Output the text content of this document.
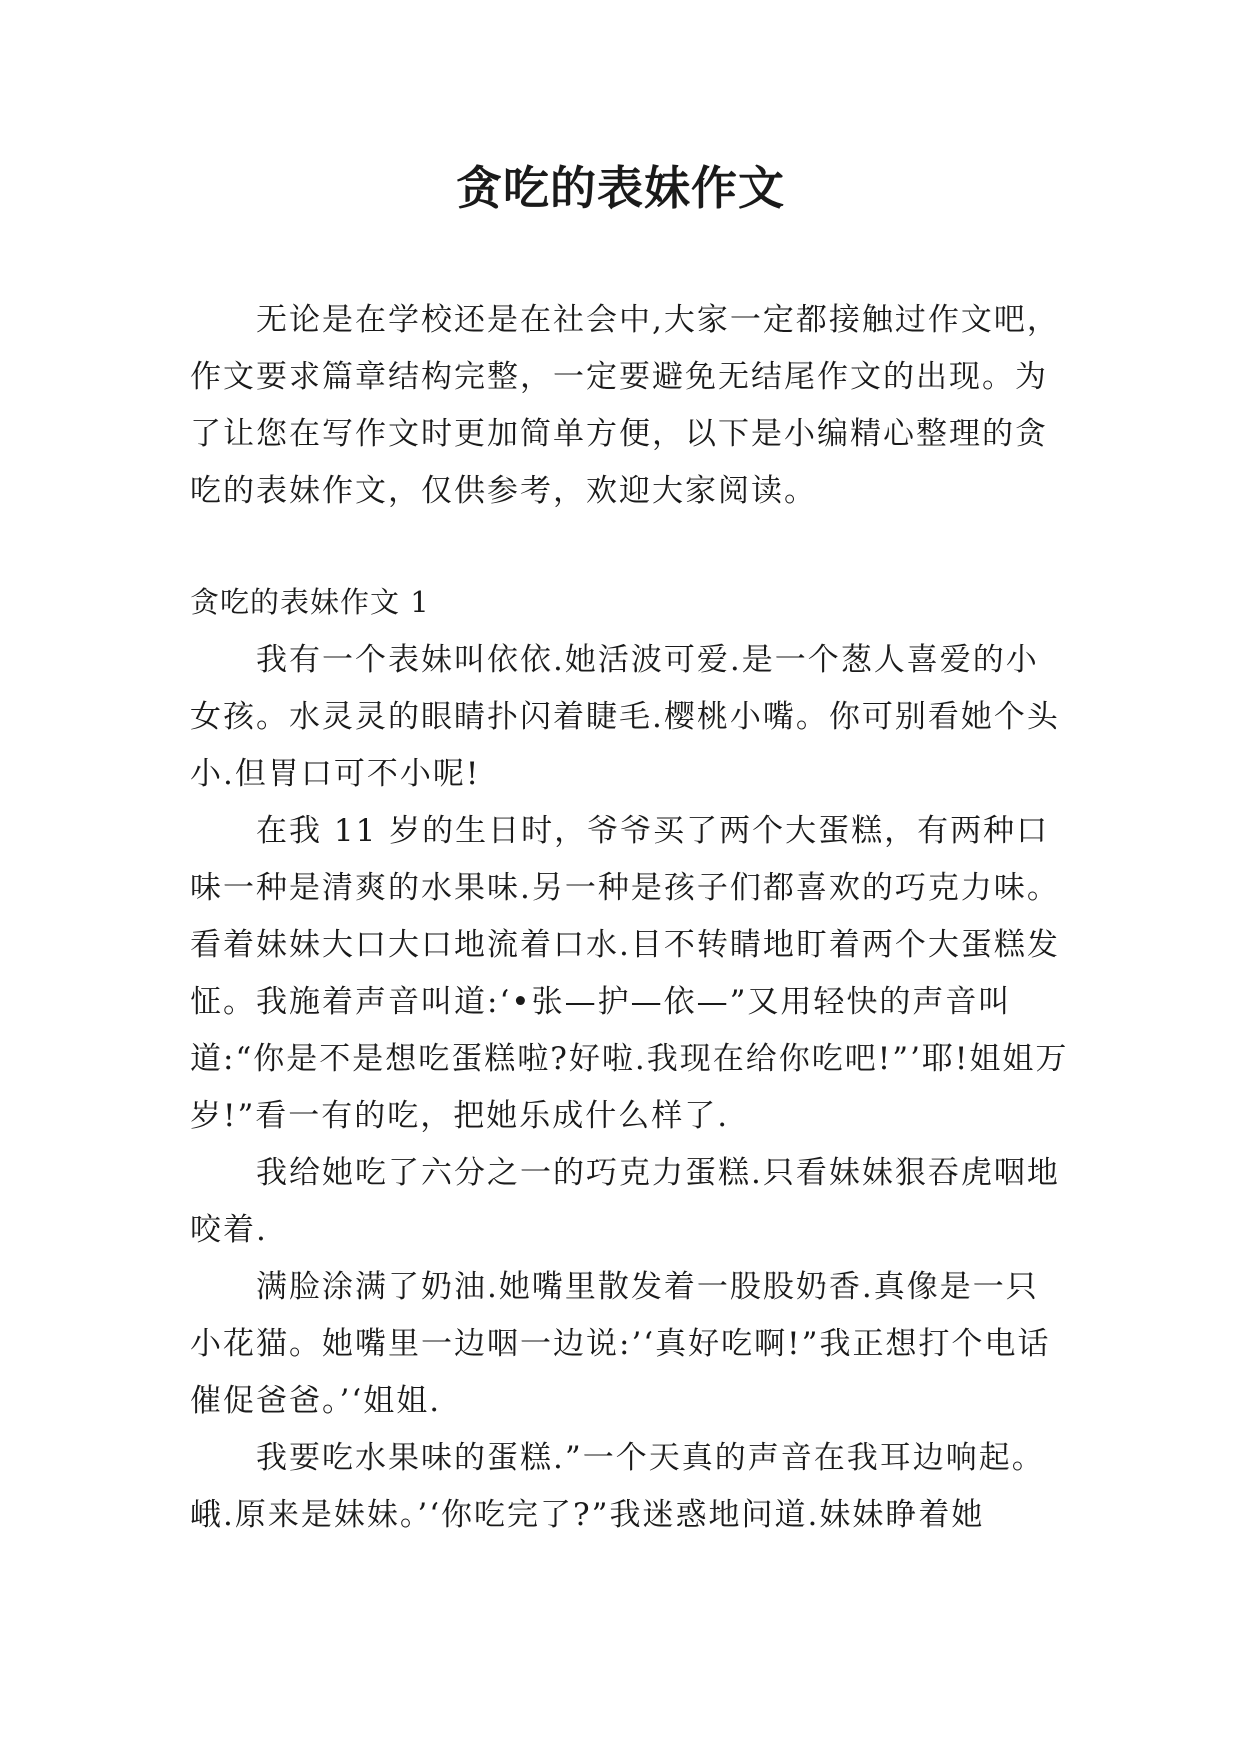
贪吃的表妹作文

无论是在学校还是在社会中,大家一定都接触过作文吧，作文要求篇章结构完整，一定要避免无结尾作文的出现。为了让您在写作文时更加简单方便，以下是小编精心整理的贪吃的表妹作文，仅供参考，欢迎大家阅读。

贪吃的表妹作文 1

我有一个表妹叫依依.她活波可爱.是一个葱人喜爱的小女孩。水灵灵的眼睛扑闪着睫毛.樱桃小嘴。你可别看她个头小.但胃口可不小呢!

在我 11 岁的生日时，爷爷买了两个大蛋糕，有两种口味一种是清爽的水果味.另一种是孩子们都喜欢的巧克力味。看着妹妹大口大口地流着口水.目不转睛地盯着两个大蛋糕发怔。我施着声音叫道:‘•张—护—依—”又用轻快的声音叫道:“你是不是想吃蛋糕啦?好啦.我现在给你吃吧!”’耶!姐姐万岁!”看一有的吃，把她乐成什么样了.

我给她吃了六分之一的巧克力蛋糕.只看妹妹狠吞虎咽地咬着.

满脸涂满了奶油.她嘴里散发着一股股奶香.真像是一只小花猫。她嘴里一边咽一边说:’‘真好吃啊!”我正想打个电话催促爸爸。’‘姐姐.

我要吃水果味的蛋糕.”一个天真的声音在我耳边响起。峨.原来是妹妹。’‘你吃完了?”我迷惑地问道.妹妹睁着她
